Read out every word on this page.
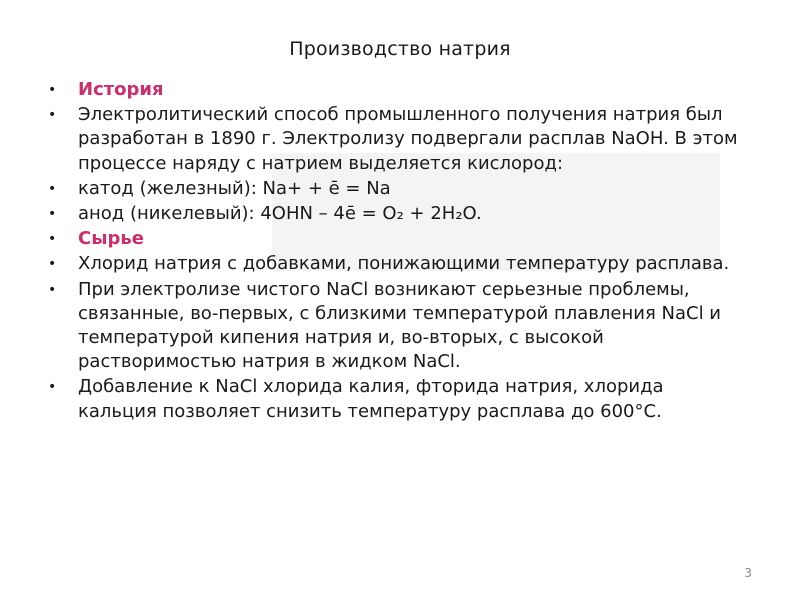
Производство натрия
• История
• Электролитический способ промышленного получения натрия был разработан в 1890 г. Электролизу подвергали расплав NaOH. В этом процессе наряду с натрием выделяется кислород:
• катод (железный): Na+ + ē = Na
• анод (никелевый): 4OHN – 4ē = O₂ + 2H₂O.
• Сырье
• Хлорид натрия с добавками, понижающими температуру расплава.
• При электролизе чистого NaCl возникают серьезные проблемы, связанные, во-первых, с близкими температурой плавления NaCl и температурой кипения натрия и, во-вторых, с высокой растворимостью натрия в жидком NaCl.
• Добавление к NaCl хлорида калия, фторида натрия, хлорида кальция позволяет снизить температуру расплава до 600°C.
3
